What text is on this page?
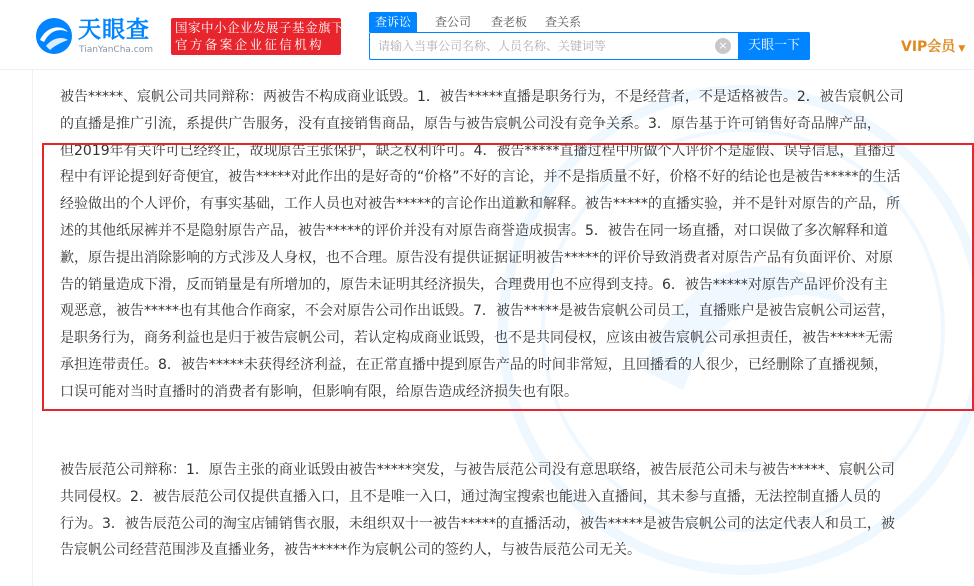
天眼查
TianYanCha.com
国家中小企业发展子基金旗下
官方备案企业征信机构
查诉讼	查公司 查老板 查关系
请输入当事公司名称、人员名称、关键词等
×	天眼一下	VIP会员 ▼
被告*****、宸帆公司共同辩称：两被告不构成商业诋毁。1．被告*****直播是职务行为，不是经营者，不是适格被告。2．被告宸帆公司
的直播是推广引流，系提供广告服务，没有直接销售商品，原告与被告宸帆公司没有竞争关系。3．原告基于许可销售好奇品牌产品，
但2019年有关许可已经终止，故现原告主张保护，缺乏权利许可。4．被告*****直播过程中所做个人评价不是虚假、误导信息，直播过
程中有评论提到好奇便宜，被告*****对此作出的是好奇的“价格”不好的言论，并不是指质量不好，价格不好的结论也是被告*****的生活
经验做出的个人评价，有事实基础，工作人员也对被告*****的言论作出道歉和解释。被告*****的直播实验，并不是针对原告的产品，所
述的其他纸尿裤并不是隐射原告产品，被告*****的评价并没有对原告商誉造成损害。5．被告在同一场直播，对口误做了多次解释和道
歉，原告提出消除影响的方式涉及人身权，也不合理。原告没有提供证据证明被告*****的评价导致消费者对原告产品有负面评价、对原
告的销量造成下滑，反而销量是有所增加的，原告未证明其经济损失，合理费用也不应得到支持。6．被告*****对原告产品评价没有主
观恶意，被告*****也有其他合作商家，不会对原告公司作出诋毁。7．被告*****是被告宸帆公司员工，直播账户是被告宸帆公司运营，
是职务行为，商务利益也是归于被告宸帆公司，若认定构成商业诋毁，也不是共同侵权，应该由被告宸帆公司承担责任，被告*****无需
承担连带责任。8．被告*****未获得经济利益，在正常直播中提到原告产品的时间非常短，且回播看的人很少，已经删除了直播视频，
口误可能对当时直播时的消费者有影响，但影响有限，给原告造成经济损失也有限。
被告辰范公司辩称：1．原告主张的商业诋毁由被告*****突发，与被告辰范公司没有意思联络，被告辰范公司未与被告*****、宸帆公司
共同侵权。2．被告辰范公司仅提供直播入口，且不是唯一入口，通过淘宝搜索也能进入直播间，其未参与直播，无法控制直播人员的
行为。3．被告辰范公司的淘宝店铺销售衣服，未组织双十一被告*****的直播活动，被告*****是被告宸帆公司的法定代表人和员工，被
告宸帆公司经营范围涉及直播业务，被告*****作为宸帆公司的签约人，与被告辰范公司无关。
